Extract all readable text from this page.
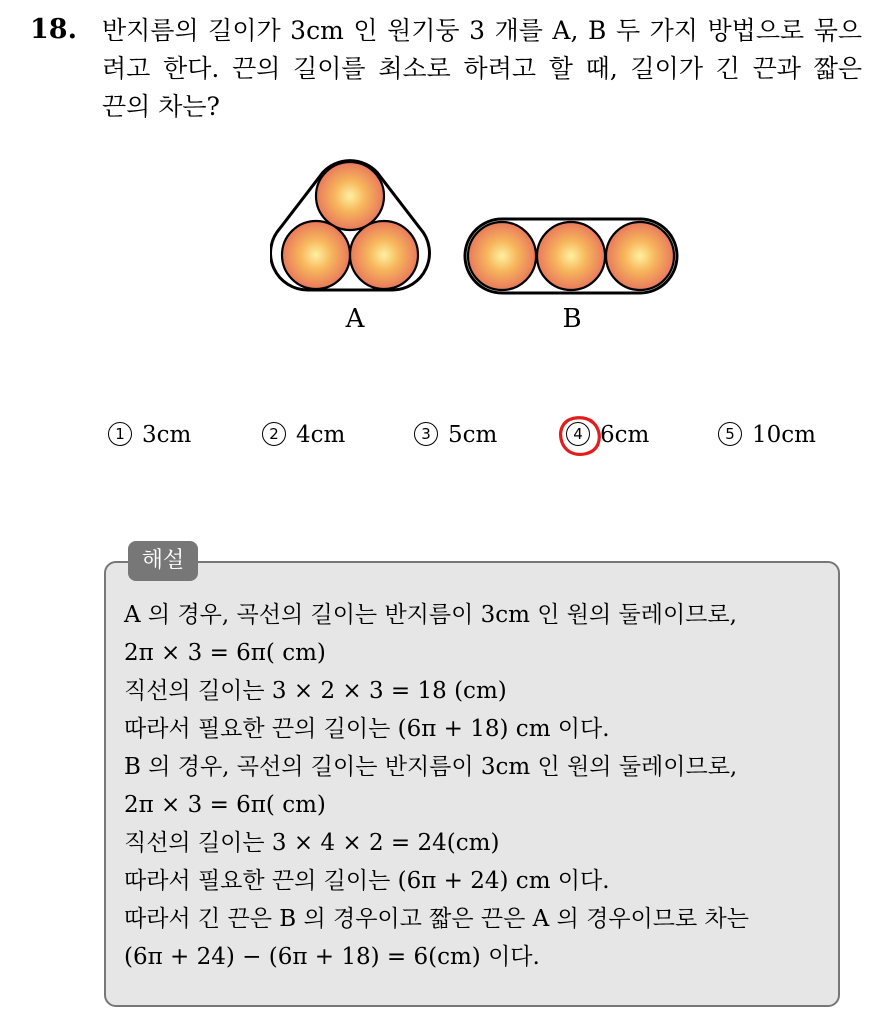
18. 반지름의 길이가 3cm 인 원기둥 3 개를 A, B 두 가지 방법으로 묶으
려고 한다. 끈의 길이를 최소로 하려고 할 때, 길이가 긴 끈과 짧은
끈의 차는?
A	B
1 3cm	2 4cm	3 5cm	4 6cm	5 10cm
해설
A 의 경우, 곡선의 길이는 반지름이 3cm 인 원의 둘레이므로,
2π × 3 = 6π( cm)
직선의 길이는 3 × 2 × 3 = 18 (cm)
따라서 필요한 끈의 길이는 (6π + 18) cm 이다.
B 의 경우, 곡선의 길이는 반지름이 3cm 인 원의 둘레이므로,
2π × 3 = 6π( cm)
직선의 길이는 3 × 4 × 2 = 24(cm)
따라서 필요한 끈의 길이는 (6π + 24) cm 이다.
따라서 긴 끈은 B 의 경우이고 짧은 끈은 A 의 경우이므로 차는
(6π + 24) − (6π + 18) = 6(cm) 이다.
